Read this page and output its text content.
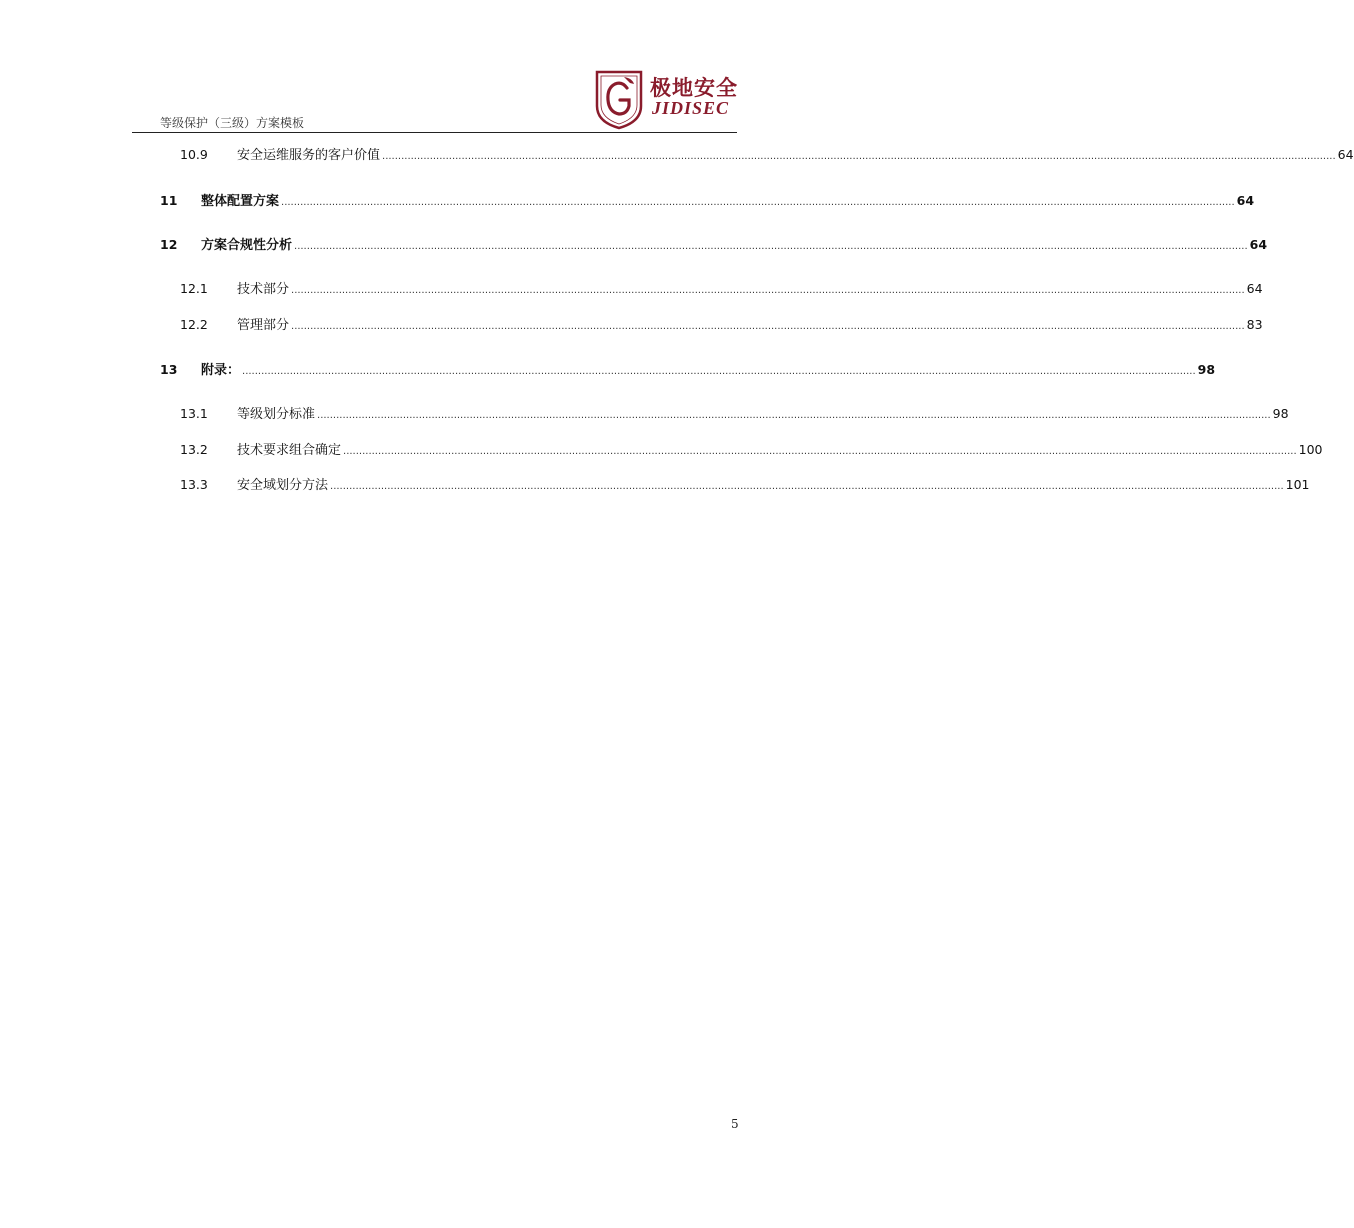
等级保护（三级）方案模板
极地安全
JIDISEC
10.9	安全运维服务的客户价值 ............................................................................................................................................................................................................................................................................................................ 64
11	整体配置方案 ............................................................................................................................................................................................................................................................................................................ 64
12	方案合规性分析 ............................................................................................................................................................................................................................................................................................................ 64
12.1	技术部分 ............................................................................................................................................................................................................................................................................................................ 64
12.2	管理部分 ............................................................................................................................................................................................................................................................................................................ 83
13	附录： ............................................................................................................................................................................................................................................................................................................ 98
13.1	等级划分标准 ............................................................................................................................................................................................................................................................................................................ 98
13.2	技术要求组合确定 ............................................................................................................................................................................................................................................................................................................ 100
13.3	安全域划分方法 ............................................................................................................................................................................................................................................................................................................ 101
5
